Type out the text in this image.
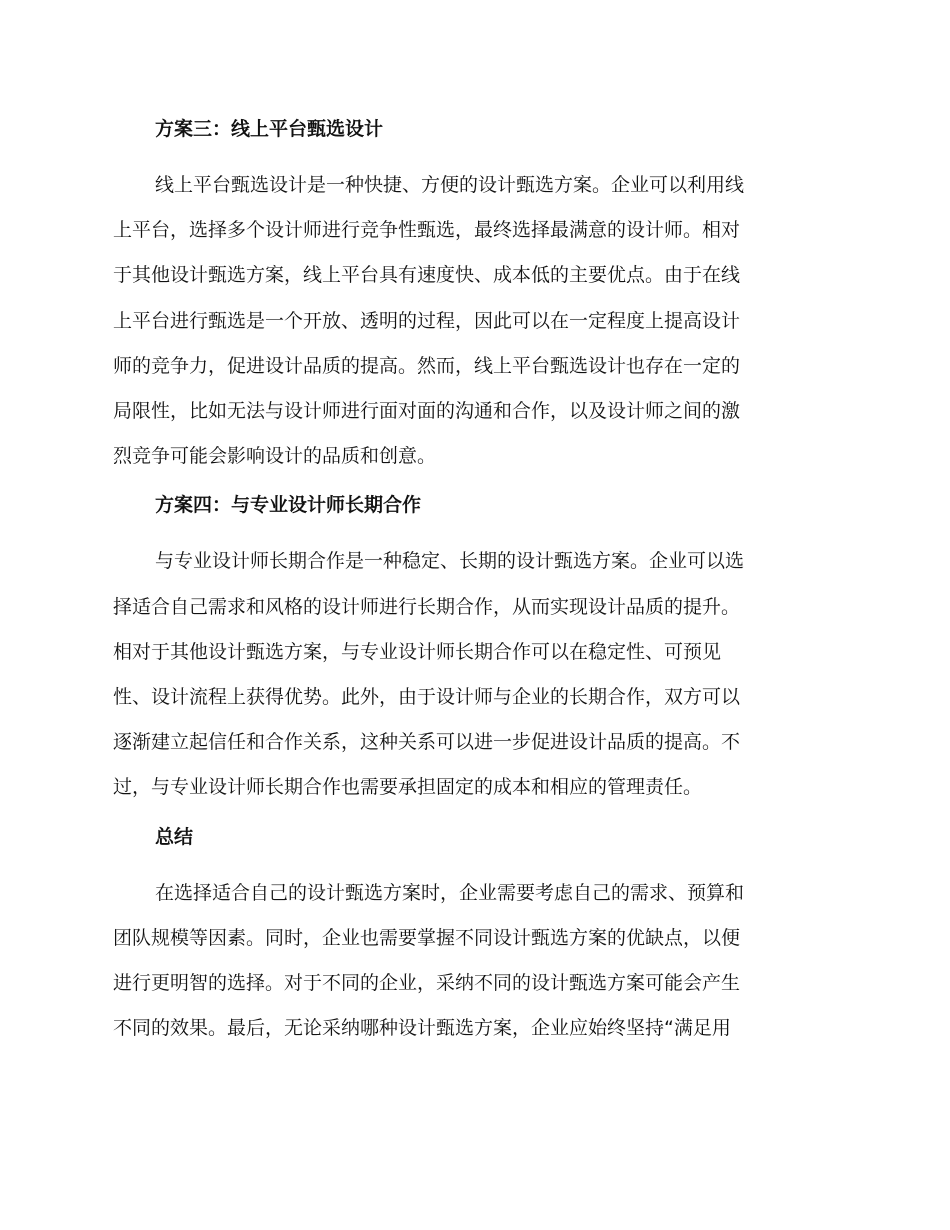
方案三：线上平台甄选设计
线上平台甄选设计是一种快捷、方便的设计甄选方案。企业可以利用线
上平台，选择多个设计师进行竞争性甄选，最终选择最满意的设计师。相对
于其他设计甄选方案，线上平台具有速度快、成本低的主要优点。由于在线
上平台进行甄选是一个开放、透明的过程，因此可以在一定程度上提高设计
师的竞争力，促进设计品质的提高。然而，线上平台甄选设计也存在一定的
局限性，比如无法与设计师进行面对面的沟通和合作，以及设计师之间的激
烈竞争可能会影响设计的品质和创意。
方案四：与专业设计师长期合作
与专业设计师长期合作是一种稳定、长期的设计甄选方案。企业可以选
择适合自己需求和风格的设计师进行长期合作，从而实现设计品质的提升。
相对于其他设计甄选方案，与专业设计师长期合作可以在稳定性、可预见
性、设计流程上获得优势。此外，由于设计师与企业的长期合作，双方可以
逐渐建立起信任和合作关系，这种关系可以进一步促进设计品质的提高。不
过，与专业设计师长期合作也需要承担固定的成本和相应的管理责任。
总结
在选择适合自己的设计甄选方案时，企业需要考虑自己的需求、预算和
团队规模等因素。同时，企业也需要掌握不同设计甄选方案的优缺点，以便
进行更明智的选择。对于不同的企业，采纳不同的设计甄选方案可能会产生
不同的效果。最后，无论采纳哪种设计甄选方案，企业应始终坚持“满足用
